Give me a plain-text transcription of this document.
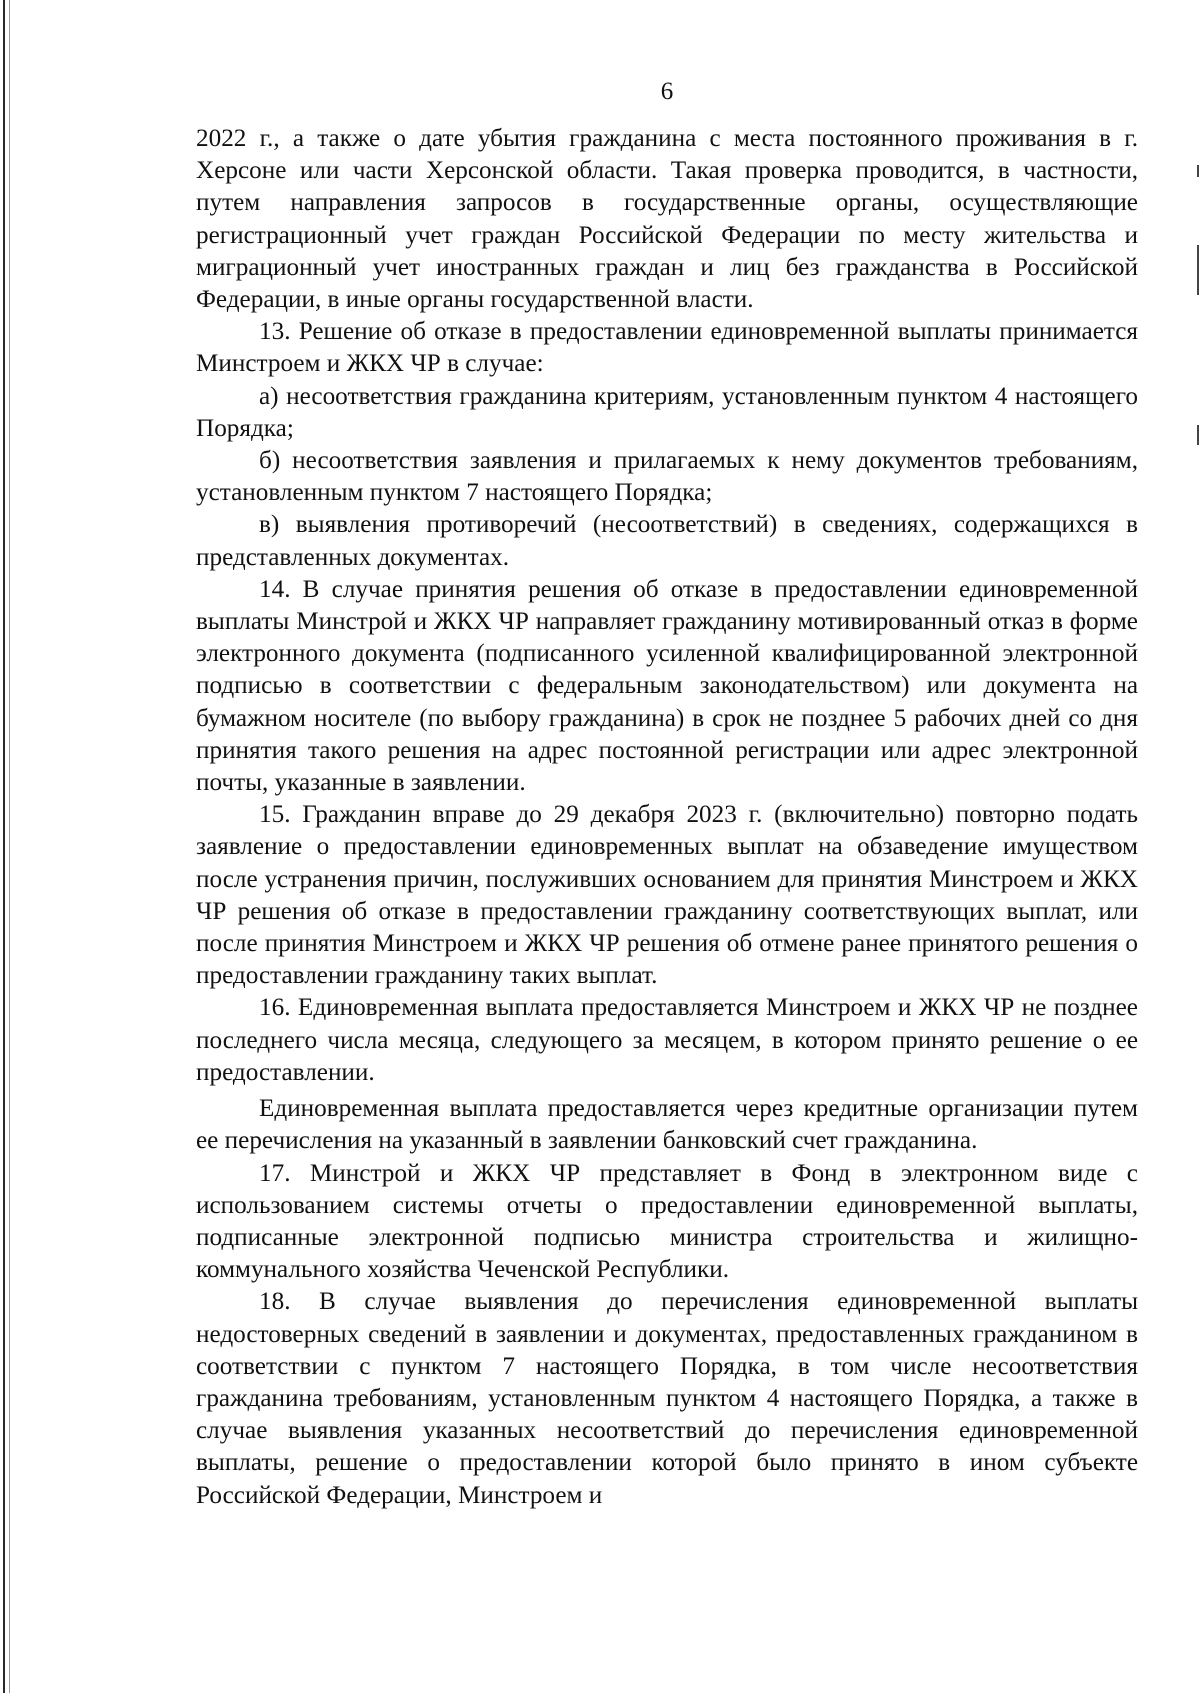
6

2022 г., а также о дате убытия гражданина с места постоянного проживания в г. Херсоне или части Херсонской области. Такая проверка проводится, в частности, путем направления запросов в государственные органы, осуществляющие регистрационный учет граждан Российской Федерации по месту жительства и миграционный учет иностранных граждан и лиц без гражданства в Российской Федерации, в иные органы государственной власти.

13. Решение об отказе в предоставлении единовременной выплаты принимается Минстроем и ЖКХ ЧР в случае:

а) несоответствия гражданина критериям, установленным пунктом 4 настоящего Порядка;

б) несоответствия заявления и прилагаемых к нему документов требованиям, установленным пунктом 7 настоящего Порядка;

в) выявления противоречий (несоответствий) в сведениях, содержащихся в представленных документах.

14. В случае принятия решения об отказе в предоставлении единовременной выплаты Минстрой и ЖКХ ЧР направляет гражданину мотивированный отказ в форме электронного документа (подписанного усиленной квалифицированной электронной подписью в соответствии с федеральным законодательством) или документа на бумажном носителе (по выбору гражданина) в срок не позднее 5 рабочих дней со дня принятия такого решения на адрес постоянной регистрации или адрес электронной почты, указанные в заявлении.

15. Гражданин вправе до 29 декабря 2023 г. (включительно) повторно подать заявление о предоставлении единовременных выплат на обзаведение имуществом после устранения причин, послуживших основанием для принятия Минстроем и ЖКХ ЧР решения об отказе в предоставлении гражданину соответствующих выплат, или после принятия Минстроем и ЖКХ ЧР решения об отмене ранее принятого решения о предоставлении гражданину таких выплат.

16. Единовременная выплата предоставляется Минстроем и ЖКХ ЧР не позднее последнего числа месяца, следующего за месяцем, в котором принято решение о ее предоставлении.

Единовременная выплата предоставляется через кредитные организации путем ее перечисления на указанный в заявлении банковский счет гражданина.

17. Минстрой и ЖКХ ЧР представляет в Фонд в электронном виде с использованием системы отчеты о предоставлении единовременной выплаты, подписанные электронной подписью министра строительства и жилищно-коммунального хозяйства Чеченской Республики.

18. В случае выявления до перечисления единовременной выплаты недостоверных сведений в заявлении и документах, предоставленных гражданином в соответствии с пунктом 7 настоящего Порядка, в том числе несоответствия гражданина требованиям, установленным пунктом 4 настоящего Порядка, а также в случае выявления указанных несоответствий до перечисления единовременной выплаты, решение о предоставлении которой было принято в ином субъекте Российской Федерации, Минстроем и
